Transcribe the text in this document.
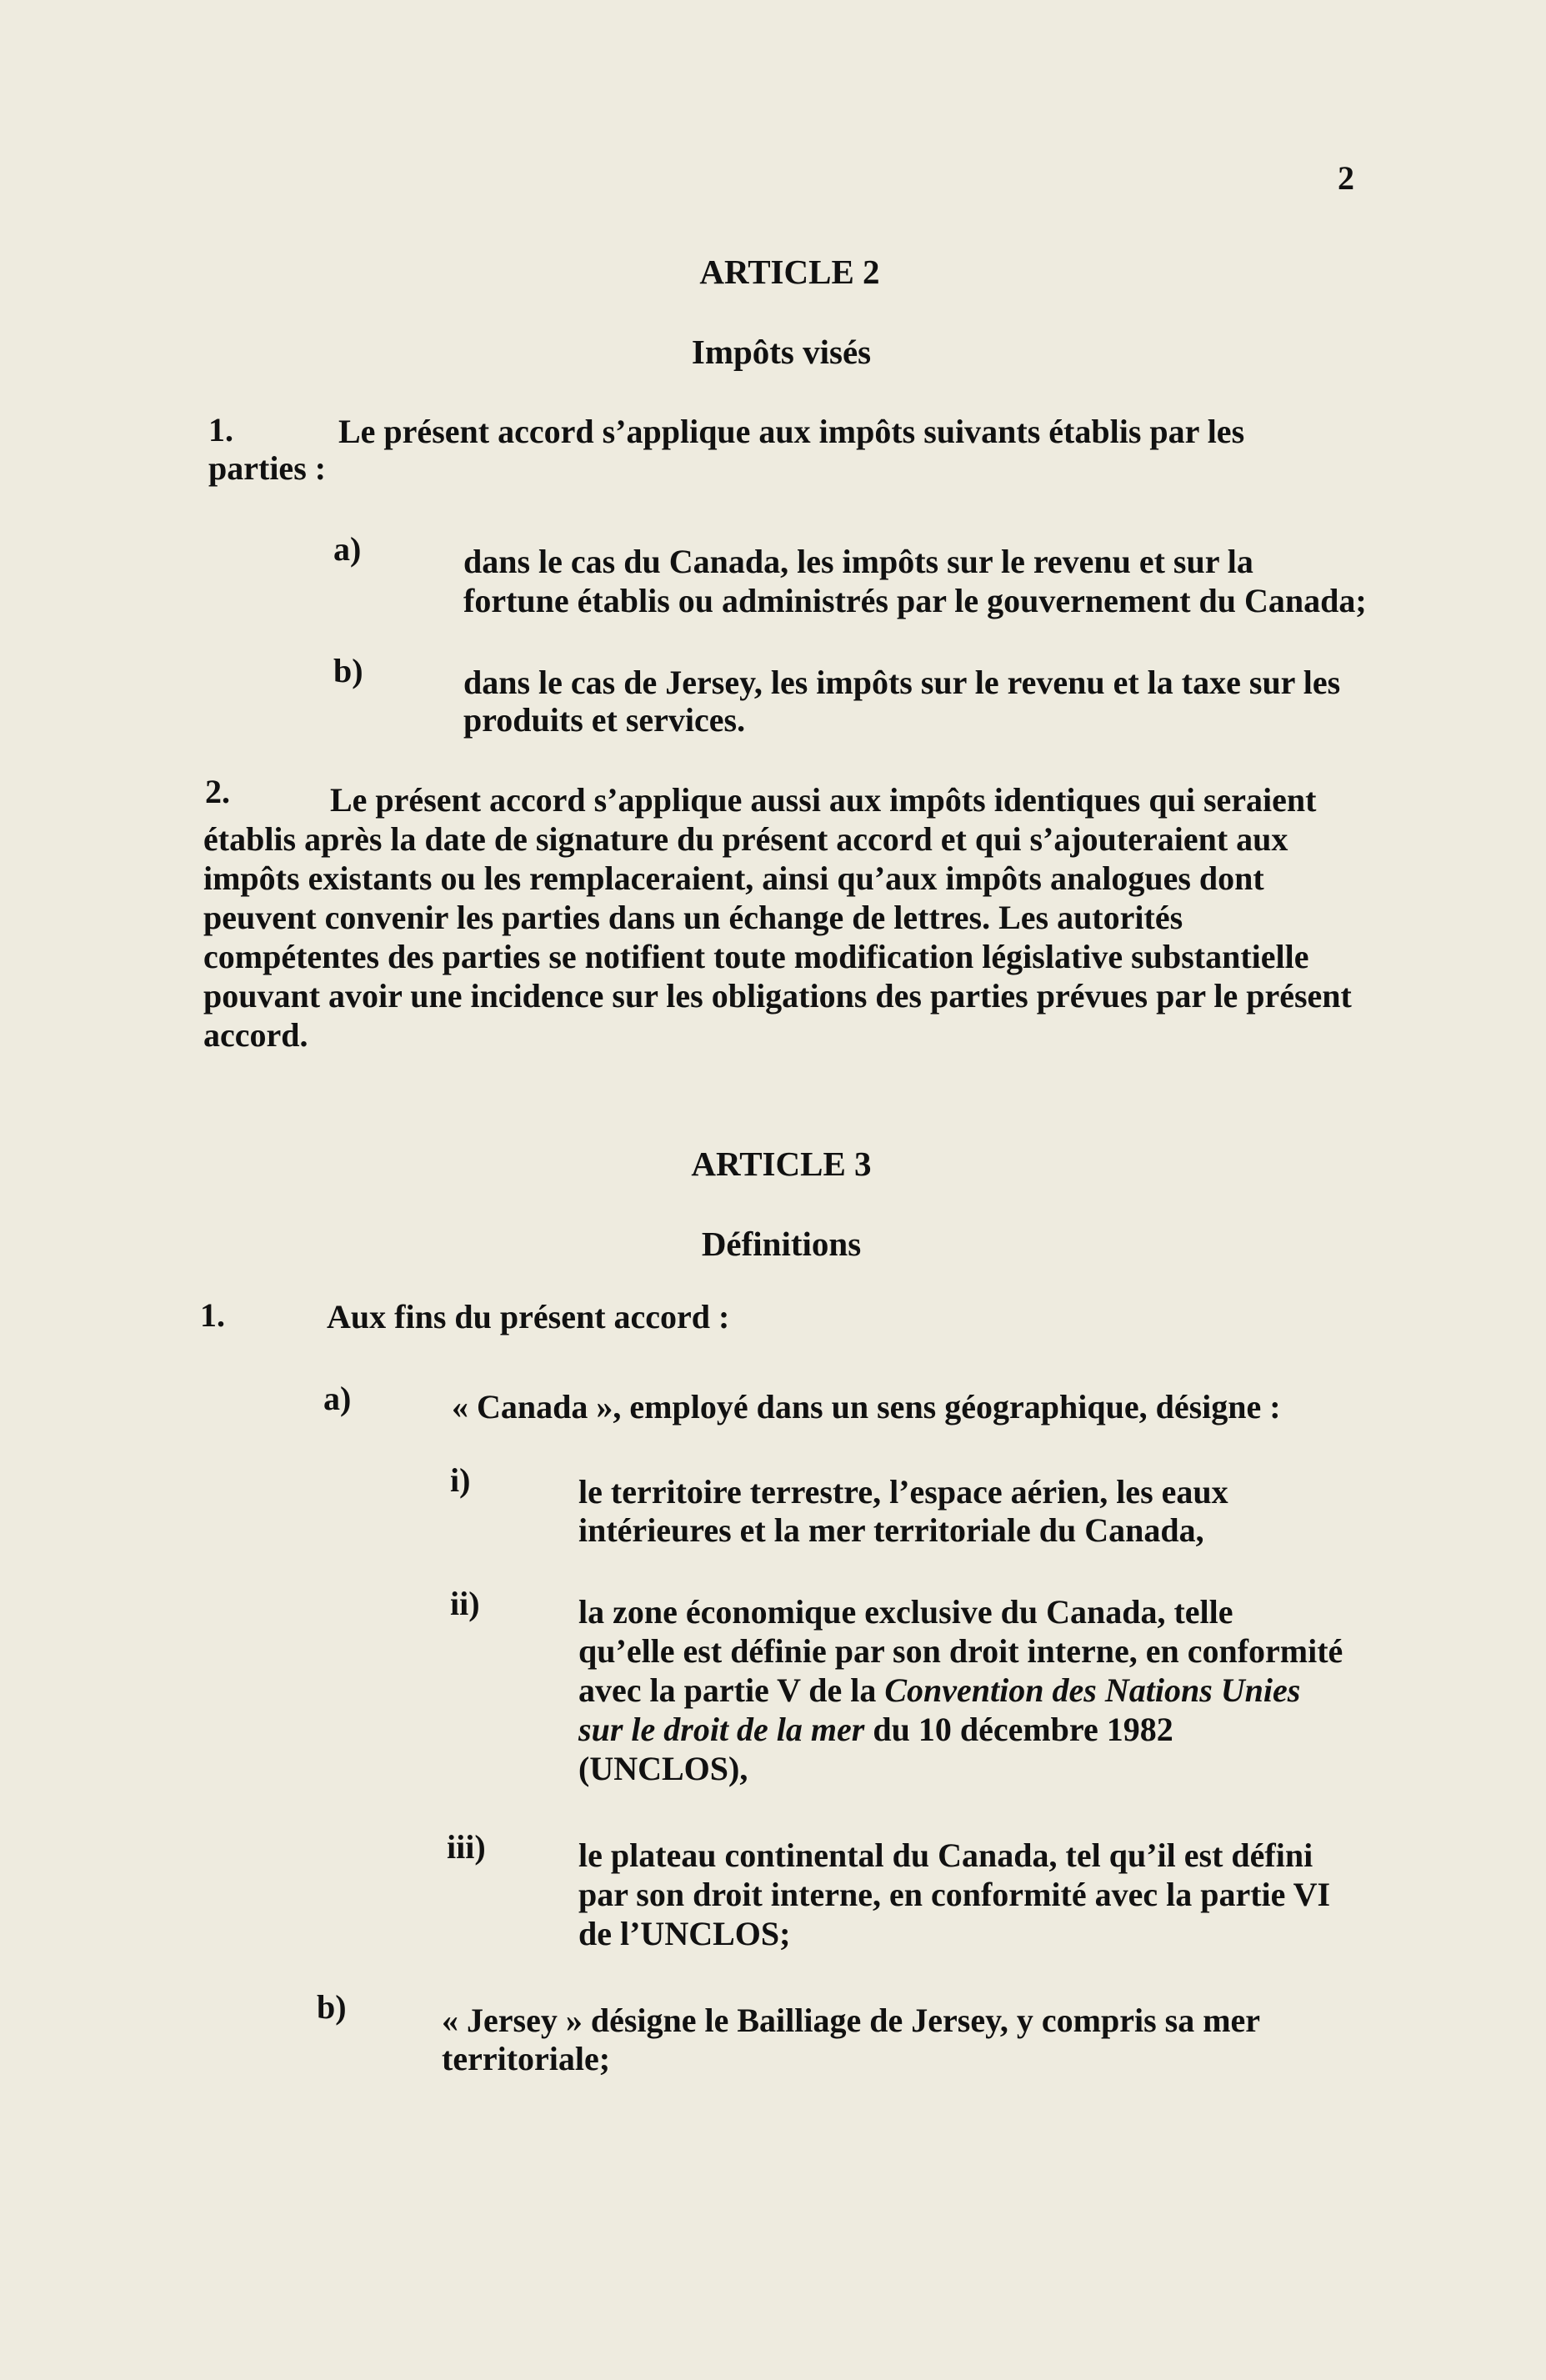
2
ARTICLE 2
Impôts visés
1.	Le présent accord s’applique aux impôts suivants établis par les
parties :
a)	dans le cas du Canada, les impôts sur le revenu et sur la
fortune établis ou administrés par le gouvernement du Canada;
b)	dans le cas de Jersey, les impôts sur le revenu et la taxe sur les
produits et services.
2.	Le présent accord s’applique aussi aux impôts identiques qui seraient
établis après la date de signature du présent accord et qui s’ajouteraient aux
impôts existants ou les remplaceraient, ainsi qu’aux impôts analogues dont
peuvent convenir les parties dans un échange de lettres. Les autorités
compétentes des parties se notifient toute modification législative substantielle
pouvant avoir une incidence sur les obligations des parties prévues par le présent
accord.
ARTICLE 3
Définitions
1.	Aux fins du présent accord :
a)	« Canada », employé dans un sens géographique, désigne :
i)	le territoire terrestre, l’espace aérien, les eaux
intérieures et la mer territoriale du Canada,
ii)	la zone économique exclusive du Canada, telle
qu’elle est définie par son droit interne, en conformité
avec la partie V de la Convention des Nations Unies
sur le droit de la mer du 10 décembre 1982
(UNCLOS),
iii)	le plateau continental du Canada, tel qu’il est défini
par son droit interne, en conformité avec la partie VI
de l’UNCLOS;
b)	« Jersey » désigne le Bailliage de Jersey, y compris sa mer
territoriale;
